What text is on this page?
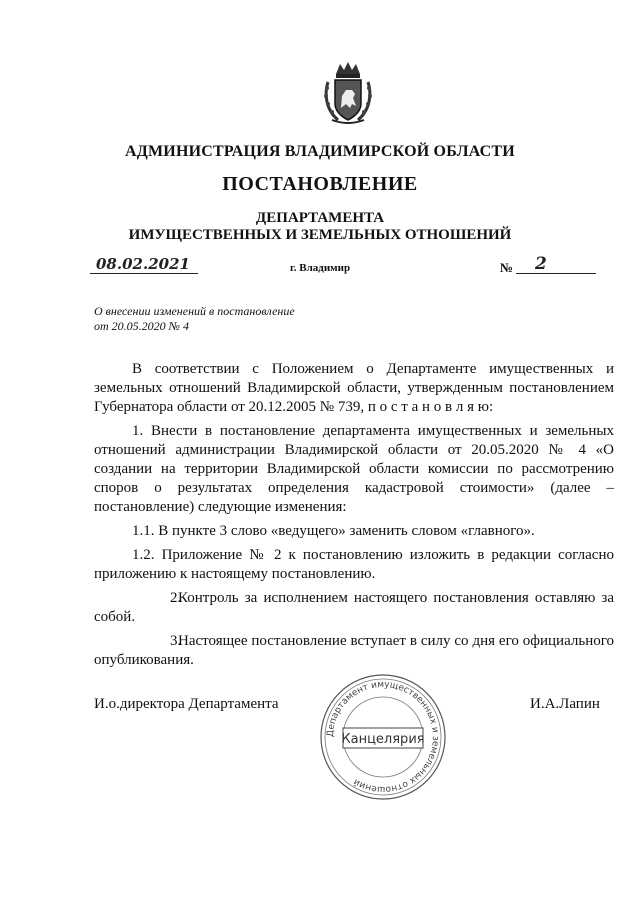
АДМИНИСТРАЦИЯ ВЛАДИМИРСКОЙ ОБЛАСТИ
ПОСТАНОВЛЕНИЕ
ДЕПАРТАМЕНТА
ИМУЩЕСТВЕННЫХ И ЗЕМЕЛЬНЫХ ОТНОШЕНИЙ
08.02.2021	г. Владимир	№ 2
О внесении изменений в постановление
от 20.05.2020 № 4

В соответствии с Положением о Департаменте имущественных и земельных отношений Владимирской области, утвержденным постановлением Губернатора области от 20.12.2005 № 739, п о с т а н о в л я ю:

1. Внести в постановление департамента имущественных и земельных отношений администрации Владимирской области от 20.05.2020 № 4 «О создании на территории Владимирской области комиссии по рассмотрению споров о результатах определения кадастровой стоимости» (далее – постановление) следующие изменения:

1.1. В пункте 3 слово «ведущего» заменить словом «главного».

1.2. Приложение № 2 к постановлению изложить в редакции согласно приложению к настоящему постановлению.

2.Контроль за исполнением настоящего постановления оставляю за собой.

3.Настоящее постановление вступает в силу со дня его официального опубликования.

И.о.директора Департамента	И.А.Лапин
Департамент имущественных и земельных отношений
Канцелярия
